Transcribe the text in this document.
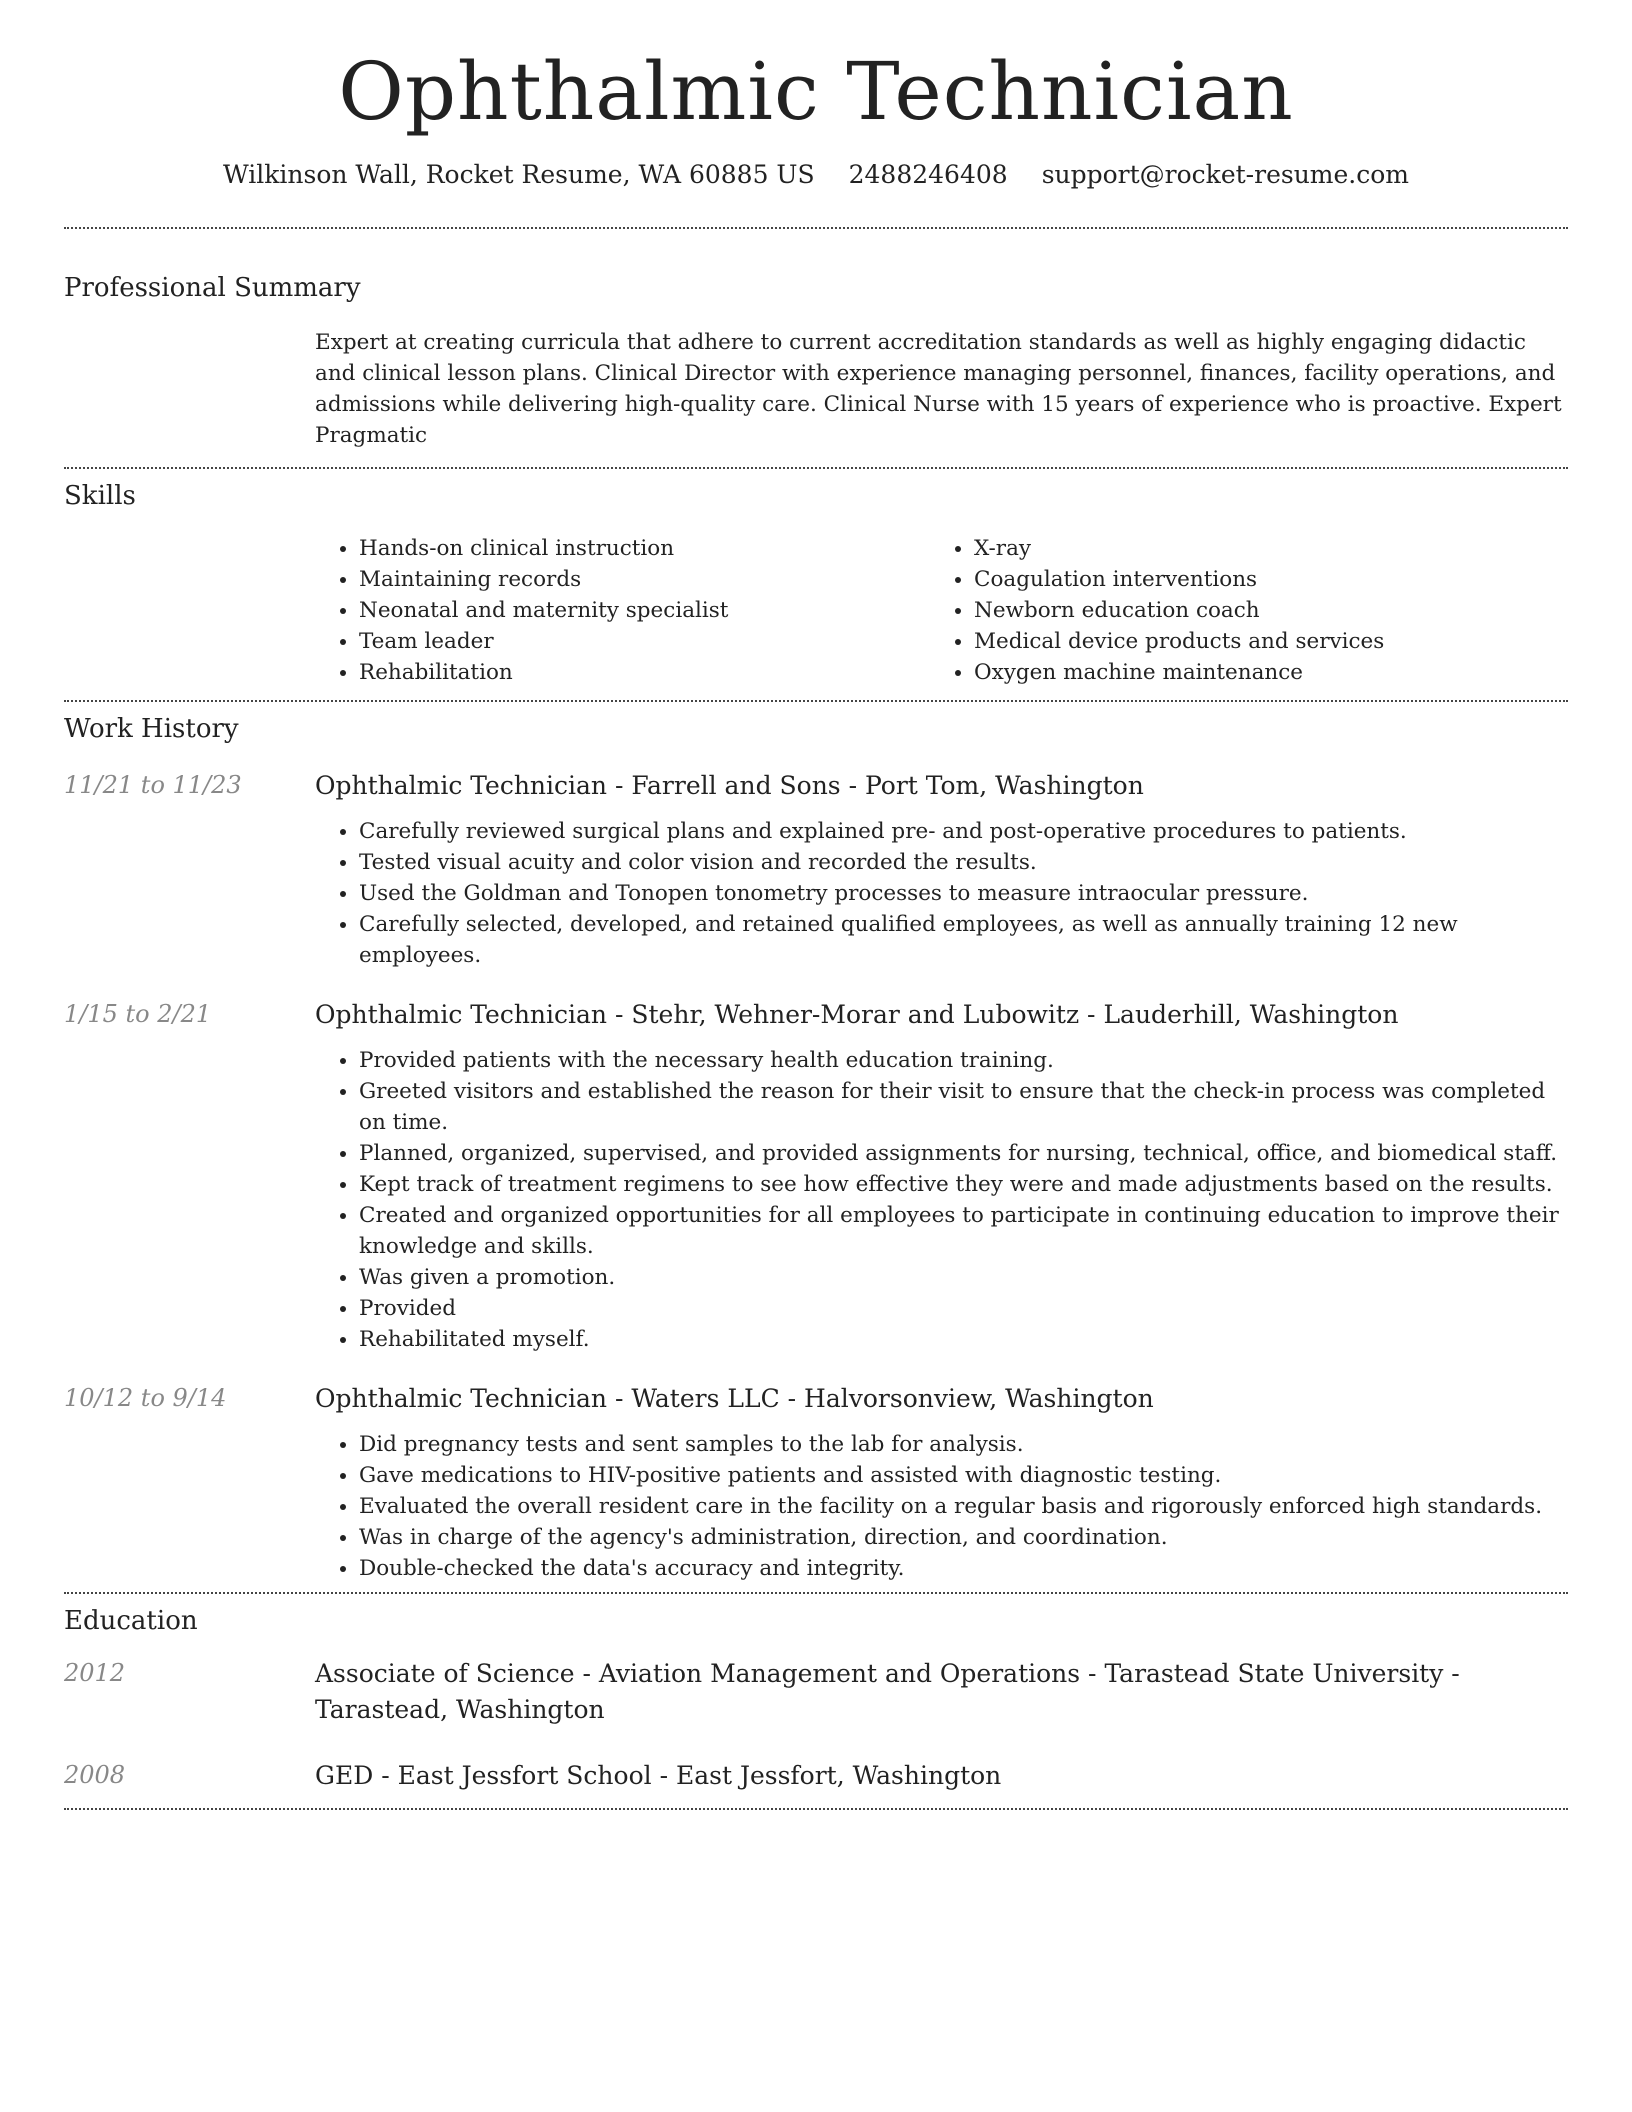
Ophthalmic Technician
Wilkinson Wall, Rocket Resume, WA 60885 US 2488246408 support@rocket-resume.com
Professional Summary

Expert at creating curricula that adhere to current accreditation standards as well as highly engaging didactic and clinical lesson plans. Clinical Director with experience managing personnel, finances, facility operations, and admissions while delivering high-quality care. Clinical Nurse with 15 years of experience who is proactive. Expert Pragmatic

Skills
• Hands-on clinical instruction
• Maintaining records
• Neonatal and maternity specialist
• Team leader
• Rehabilitation
• X-ray
• Coagulation interventions
• Newborn education coach
• Medical device products and services
• Oxygen machine maintenance
Work History
11/21 to 11/23	Ophthalmic Technician - Farrell and Sons - Port Tom, Washington
• Carefully reviewed surgical plans and explained pre- and post-operative procedures to patients.
• Tested visual acuity and color vision and recorded the results.
• Used the Goldman and Tonopen tonometry processes to measure intraocular pressure.
• Carefully selected, developed, and retained qualified employees, as well as annually training 12 new employees.
1/15 to 2/21	Ophthalmic Technician - Stehr, Wehner-Morar and Lubowitz - Lauderhill, Washington
• Provided patients with the necessary health education training.
• Greeted visitors and established the reason for their visit to ensure that the check-in process was completed on time.
• Planned, organized, supervised, and provided assignments for nursing, technical, office, and biomedical staff.
• Kept track of treatment regimens to see how effective they were and made adjustments based on the results.
• Created and organized opportunities for all employees to participate in continuing education to improve their knowledge and skills.
• Was given a promotion.
• Provided
• Rehabilitated myself.
10/12 to 9/14	Ophthalmic Technician - Waters LLC - Halvorsonview, Washington
• Did pregnancy tests and sent samples to the lab for analysis.
• Gave medications to HIV-positive patients and assisted with diagnostic testing.
• Evaluated the overall resident care in the facility on a regular basis and rigorously enforced high standards.
• Was in charge of the agency's administration, direction, and coordination.
• Double-checked the data's accuracy and integrity.
Education
2012	Associate of Science - Aviation Management and Operations - Tarastead State University - Tarastead, Washington
2008	GED - East Jessfort School - East Jessfort, Washington
